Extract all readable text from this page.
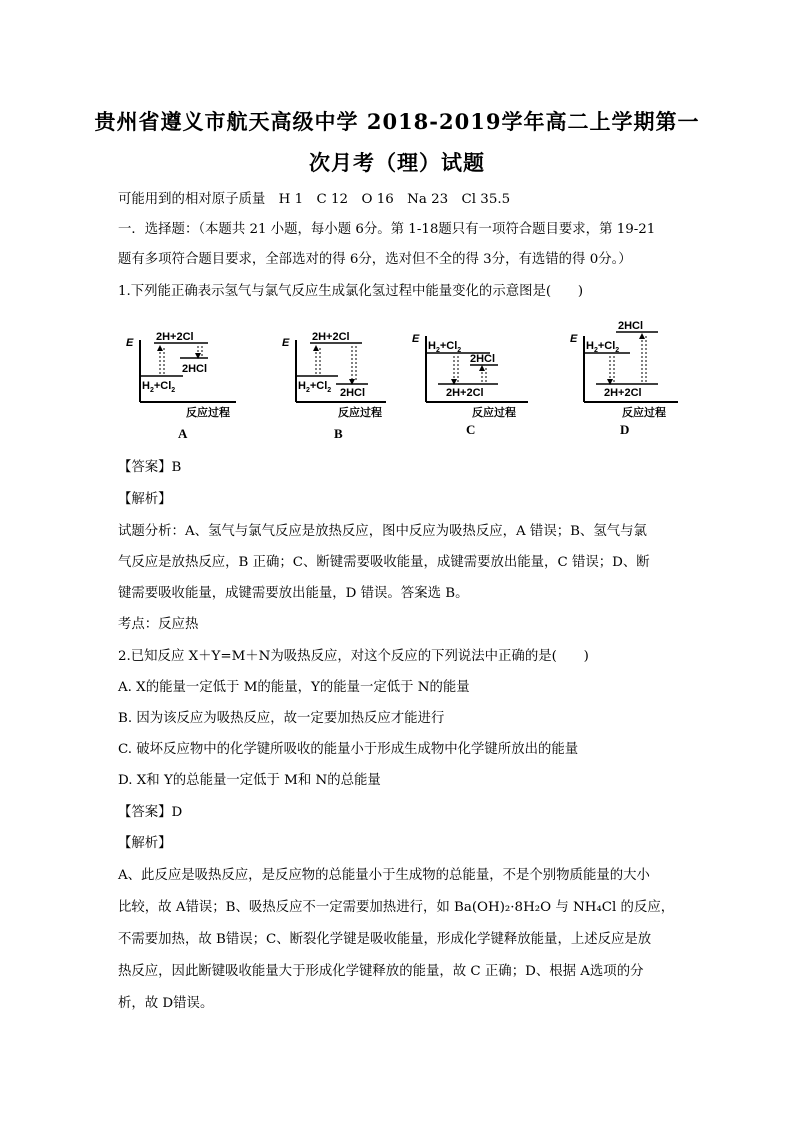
贵州省遵义市航天高级中学 2018-2019学年高二上学期第一
次月考（理）试题
可能用到的相对原子质量　H 1　C 12　O 16　Na 23　Cl 35.5
一．选择题：（本题共 21 小题，每小题 6分。第 1-18题只有一项符合题目要求，第 19-21
题有多项符合题目要求，全部选对的得 6分，选对但不全的得 3分，有选错的得 0分。）
1.下列能正确表示氢气与氯气反应生成氯化氢过程中能量变化的示意图是(　　)
E 2H+2Cl
$H_2+Cl_2$
2HCl
反应过程
A
E 2H+2Cl
$H_2+Cl_2$ 2HCl
反应过程
B
E
$H_2+Cl_2$
2HCl
2H+2Cl
反应过程
C
E
2HCl
$H_2+Cl_2$
2H+2Cl
反应过程
D
【答案】B
【解析】
试题分析：A、氢气与氯气反应是放热反应，图中反应为吸热反应，A 错误；B、氢气与氯
气反应是放热反应，B 正确；C、断键需要吸收能量，成键需要放出能量，C 错误；D、断
键需要吸收能量，成键需要放出能量，D 错误。答案选 B。
考点：反应热
2.已知反应 X＋Y=M＋N为吸热反应，对这个反应的下列说法中正确的是(　　)
A. X的能量一定低于 M的能量，Y的能量一定低于 N的能量
B. 因为该反应为吸热反应，故一定要加热反应才能进行
C. 破坏反应物中的化学键所吸收的能量小于形成生成物中化学键所放出的能量
D. X和 Y的总能量一定低于 M和 N的总能量
【答案】D
【解析】
A、此反应是吸热反应，是反应物的总能量小于生成物的总能量，不是个别物质能量的大小
比较，故 A错误；B、吸热反应不一定需要加热进行，如 Ba(OH)₂·8H₂O 与 NH₄Cl 的反应，
不需要加热，故 B错误；C、断裂化学键是吸收能量，形成化学键释放能量，上述反应是放
热反应，因此断键吸收能量大于形成化学键释放的能量，故 C 正确；D、根据 A选项的分
析，故 D错误。
